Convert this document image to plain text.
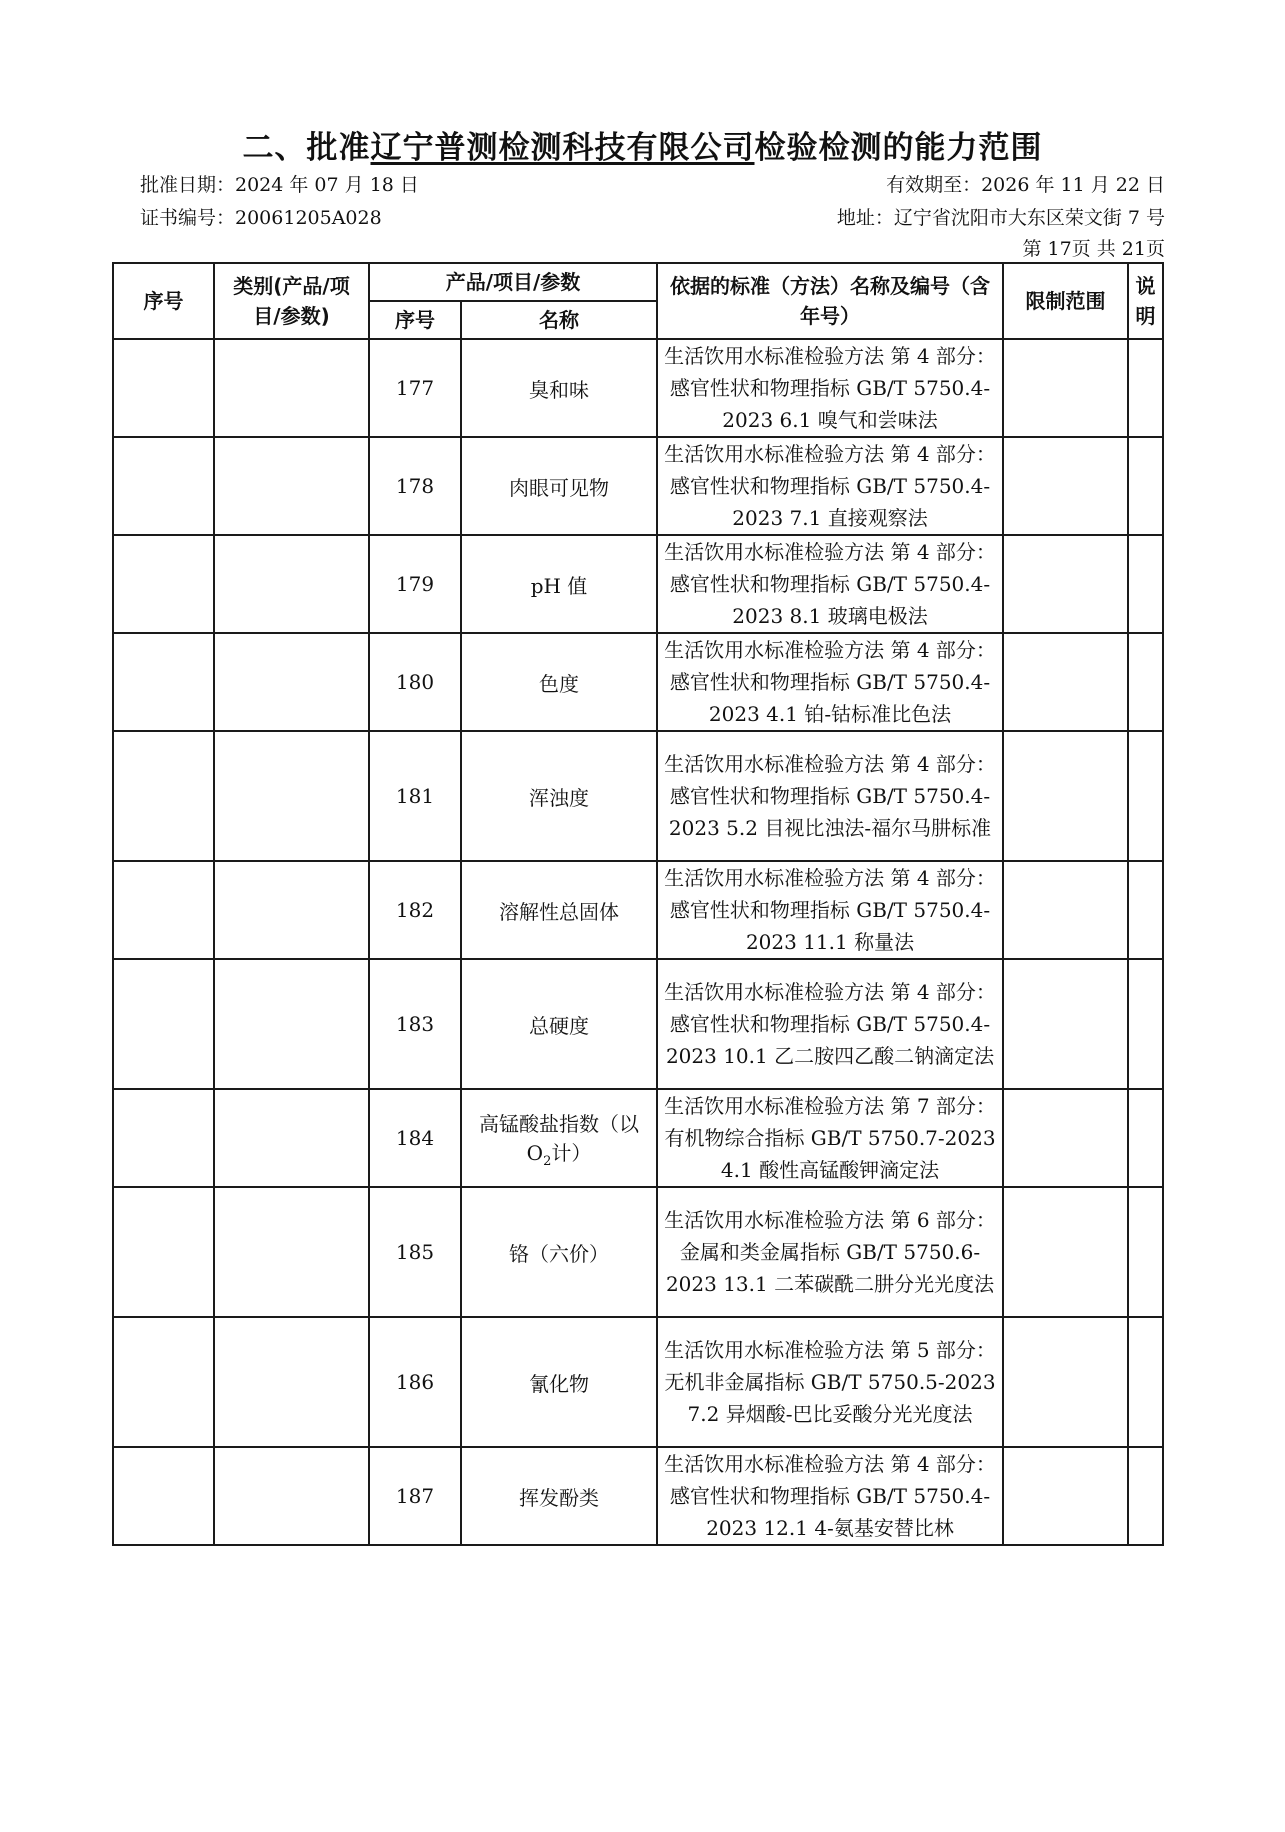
二、批准辽宁普测检测科技有限公司检验检测的能力范围
批准日期：2024 年 07 月 18 日	有效期至：2026 年 11 月 22 日
证书编号：20061205A028	地址：辽宁省沈阳市大东区荣文街 7 号
第 17页 共 21页
序号	类别(产品/项目/参数)	产品/项目/参数		依据的标准（方法）名称及编号（含年号）	限制范围	说明
		序号	名称			
		177	臭和味	生活饮用水标准检验方法 第 4 部分：感官性状和物理指标 GB/T 5750.4-2023 6.1 嗅气和尝味法		
		178	肉眼可见物	生活饮用水标准检验方法 第 4 部分：感官性状和物理指标 GB/T 5750.4-2023 7.1 直接观察法		
		179	pH 值	生活饮用水标准检验方法 第 4 部分：感官性状和物理指标 GB/T 5750.4-2023 8.1 玻璃电极法		
		180	色度	生活饮用水标准检验方法 第 4 部分：感官性状和物理指标 GB/T 5750.4-2023 4.1 铂-钴标准比色法		
		181	浑浊度	生活饮用水标准检验方法 第 4 部分：感官性状和物理指标 GB/T 5750.4-2023 5.2 目视比浊法-福尔马肼标准		
		182	溶解性总固体	生活饮用水标准检验方法 第 4 部分：感官性状和物理指标 GB/T 5750.4-2023 11.1 称量法		
		183	总硬度	生活饮用水标准检验方法 第 4 部分：感官性状和物理指标 GB/T 5750.4-2023 10.1 乙二胺四乙酸二钠滴定法		
		184	高锰酸盐指数（以 $O_2$计）	生活饮用水标准检验方法 第 7 部分：有机物综合指标 GB/T 5750.7-2023 4.1 酸性高锰酸钾滴定法		
		185	铬（六价）	生活饮用水标准检验方法 第 6 部分：金属和类金属指标 GB/T 5750.6-2023 13.1 二苯碳酰二肼分光光度法		
		186	氰化物	生活饮用水标准检验方法 第 5 部分：无机非金属指标 GB/T 5750.5-2023 7.2 异烟酸-巴比妥酸分光光度法		
		187	挥发酚类	生活饮用水标准检验方法 第 4 部分：感官性状和物理指标 GB/T 5750.4-2023 12.1 4-氨基安替比林		
